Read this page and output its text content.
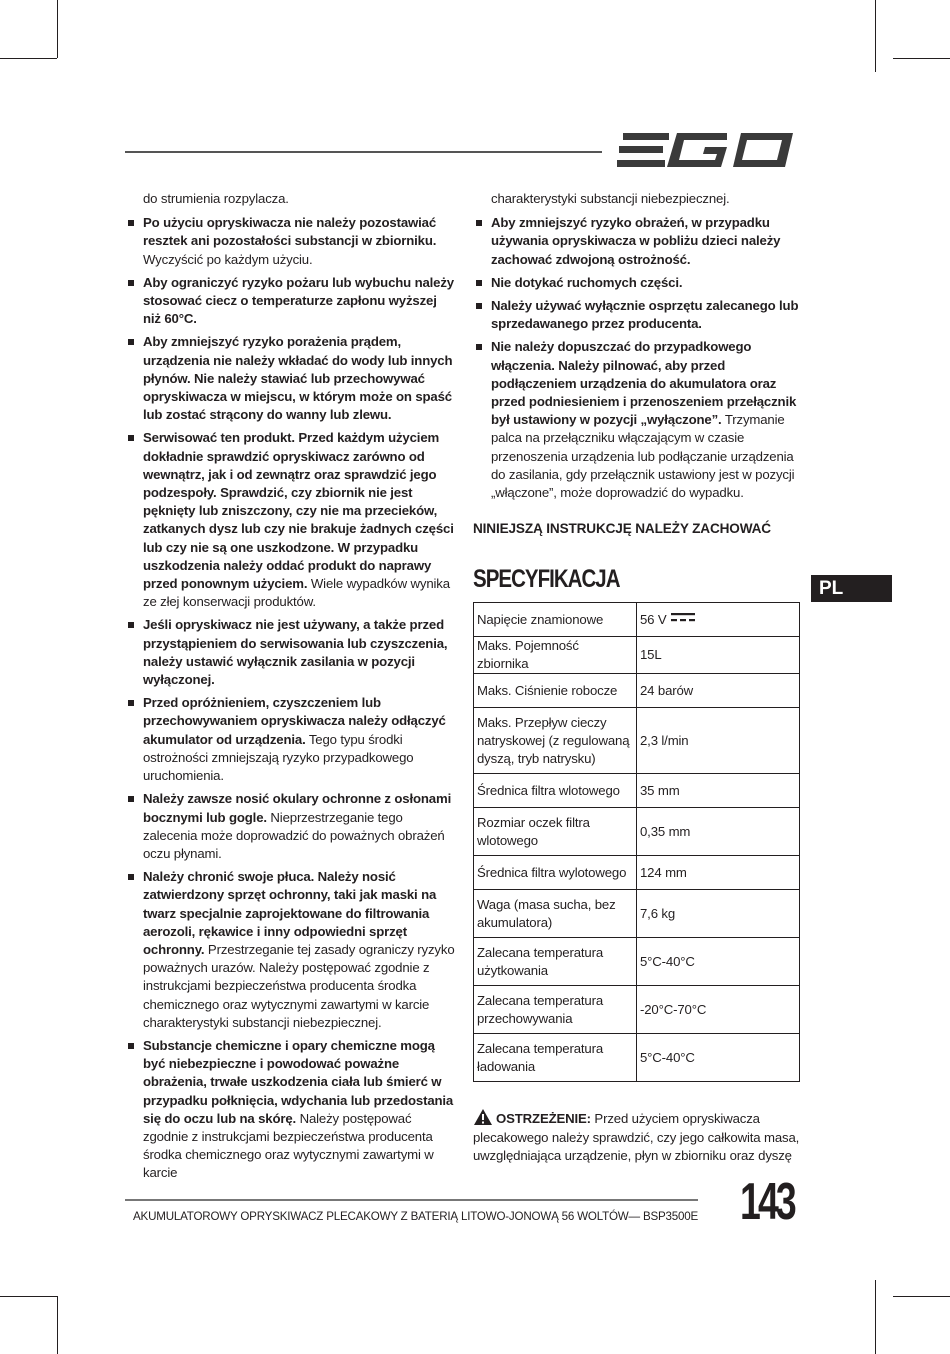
do strumienia rozpylacza.
Po użyciu opryskiwacza nie należy pozostawiać resztek ani pozostałości substancji w zbiorniku. Wyczyścić po każdym użyciu.
Aby ograniczyć ryzyko pożaru lub wybuchu należy stosować ciecz o temperaturze zapłonu wyższej niż 60°C.
Aby zmniejszyć ryzyko porażenia prądem, urządzenia nie należy wkładać do wody lub innych płynów. Nie należy stawiać lub przechowywać opryskiwacza w miejscu, w którym może on spaść lub zostać strącony do wanny lub zlewu.
Serwisować ten produkt. Przed każdym użyciem dokładnie sprawdzić opryskiwacz zarówno od wewnątrz, jak i od zewnątrz oraz sprawdzić jego podzespoły. Sprawdzić, czy zbiornik nie jest pęknięty lub zniszczony, czy nie ma przecieków, zatkanych dysz lub czy nie brakuje żadnych części lub czy nie są one uszkodzone. W przypadku uszkodzenia należy oddać produkt do naprawy przed ponownym użyciem. Wiele wypadków wynika ze złej konserwacji produktów.
Jeśli opryskiwacz nie jest używany, a także przed przystąpieniem do serwisowania lub czyszczenia, należy ustawić wyłącznik zasilania w pozycji wyłączonej.
Przed opróżnieniem, czyszczeniem lub przechowywaniem opryskiwacza należy odłączyć akumulator od urządzenia. Tego typu środki ostrożności zmniejszają ryzyko przypadkowego uruchomienia.
Należy zawsze nosić okulary ochronne z osłonami bocznymi lub gogle. Nieprzestrzeganie tego zalecenia może doprowadzić do poważnych obrażeń oczu płynami.
Należy chronić swoje płuca. Należy nosić zatwierdzony sprzęt ochronny, taki jak maski na twarz specjalnie zaprojektowane do filtrowania aerozoli, rękawice i inny odpowiedni sprzęt ochronny. Przestrzeganie tej zasady ograniczy ryzyko poważnych urazów. Należy postępować zgodnie z instrukcjami bezpieczeństwa producenta środka chemicznego oraz wytycznymi zawartymi w karcie charakterystyki substancji niebezpiecznej.
Substancje chemiczne i opary chemiczne mogą być niebezpieczne i powodować poważne obrażenia, trwałe uszkodzenia ciała lub śmierć w przypadku połknięcia, wdychania lub przedostania się do oczu lub na skórę. Należy postępować zgodnie z instrukcjami bezpieczeństwa producenta środka chemicznego oraz wytycznymi zawartymi w karcie
charakterystyki substancji niebezpiecznej.
Aby zmniejszyć ryzyko obrażeń, w przypadku używania opryskiwacza w pobliżu dzieci należy zachować zdwojoną ostrożność.
Nie dotykać ruchomych części.
Należy używać wyłącznie osprzętu zalecanego lub sprzedawanego przez producenta.
Nie należy dopuszczać do przypadkowego włączenia. Należy pilnować, aby przed podłączeniem urządzenia do akumulatora oraz przed podniesieniem i przenoszeniem przełącznik był ustawiony w pozycji „wyłączone”. Trzymanie palca na przełączniku włączającym w czasie przenoszenia urządzenia lub podłączanie urządzenia do zasilania, gdy przełącznik ustawiony jest w pozycji „włączone”, może doprowadzić do wypadku.
NINIEJSZĄ INSTRUKCJĘ NALEŻY ZACHOWAĆ
SPECYFIKACJA
Napięcie znamionowe	56 V
Maks. Pojemność zbiornika	15L
Maks. Ciśnienie robocze	24 barów
Maks. Przepływ cieczy natryskowej (z regulowaną dyszą, tryb natrysku)	2,3 l/min
Średnica filtra wlotowego	35 mm
Rozmiar oczek filtra wlotowego	0,35 mm
Średnica filtra wylotowego	124 mm
Waga (masa sucha, bez akumulatora)	7,6 kg
Zalecana temperatura użytkowania	5°C-40°C
Zalecana temperatura przechowywania	-20°C-70°C
Zalecana temperatura ładowania	5°C-40°C
OSTRZEŻENIE: Przed użyciem opryskiwacza plecakowego należy sprawdzić, czy jego całkowita masa, uwzględniająca urządzenie, płyn w zbiorniku oraz dyszę
PL
AKUMULATOROWY OPRYSKIWACZ PLECAKOWY Z BATERIĄ LITOWO-JONOWĄ 56 WOLTÓW— BSP3500E 143
